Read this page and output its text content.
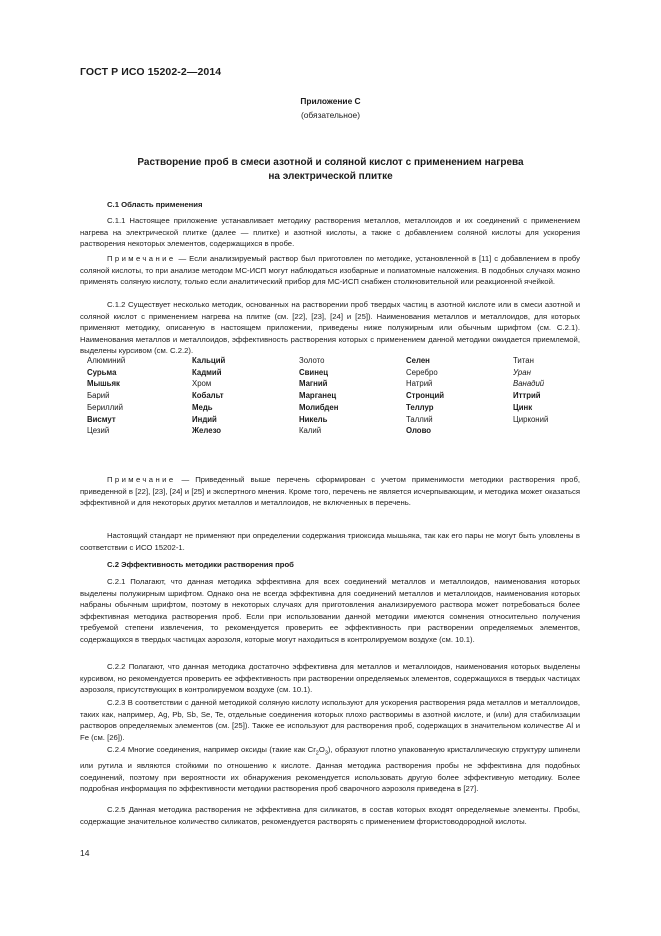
ГОСТ Р ИСО 15202-2—2014
Приложение С
(обязательное)
Растворение проб в смеси азотной и соляной кислот с применением нагрева
на электрической плитке
С.1 Область применения

С.1.1 Настоящее приложение устанавливает методику растворения металлов, металлоидов и их соединений с применением нагрева на электрической плитке (далее — плитке) и азотной кислоты, а также с добавлением соляной кислоты для ускорения растворения некоторых элементов, содержащихся в пробе.

Примечание — Если анализируемый раствор был приготовлен по методике, установленной в [11] с добавлением в пробу соляной кислоты, то при анализе методом МС-ИСП могут наблюдаться изобарные и полиатомные наложения. В подобных случаях можно применять соляную кислоту, только если аналитический прибор для МС-ИСП снабжен столкновительной или реакционной ячейкой.

С.1.2 Существует несколько методик, основанных на растворении проб твердых частиц в азотной кислоте или в смеси азотной и соляной кислот с применением нагрева на плитке (см. [22], [23], [24] и [25]). Наименования металлов и металлоидов, для которых применяют методику, описанную в настоящем приложении, приведены ниже полужирным или обычным шрифтом (см. С.2.1). Наименования металлов и металлоидов, эффективность растворения которых с применением данной методики ожидается приемлемой, выделены курсивом (см. С.2.2).

Алюминий
Сурьма
Мышьяк
Барий
Бериллий
Висмут
Цезий
Кальций
Кадмий
Хром
Кобальт
Медь
Индий
Железо
Золото
Свинец
Магний
Марганец
Молибден
Никель
Калий
Селен
Серебро
Натрий
Стронций
Теллур
Таллий
Олово
Титан
Уран
Ванадий
Иттрий
Цинк
Цирконий

Примечание — Приведенный выше перечень сформирован с учетом применимости методики растворения проб, приведенной в [22], [23], [24] и [25] и экспертного мнения. Кроме того, перечень не является исчерпывающим, и методика может оказаться эффективной и для некоторых других металлов и металлоидов, не включенных в перечень.

Настоящий стандарт не применяют при определении содержания триоксида мышьяка, так как его пары не могут быть уловлены в соответствии с ИСО 15202-1.

С.2 Эффективность методики растворения проб

С.2.1 Полагают, что данная методика эффективна для всех соединений металлов и металлоидов, наименования которых выделены полужирным шрифтом. Однако она не всегда эффективна для соединений металлов и металлоидов, наименования которых набраны обычным шрифтом, поэтому в некоторых случаях для приготовления анализируемого раствора может потребоваться более эффективная методика растворения проб. Если при использовании данной методики имеются сомнения относительно получения требуемой степени извлечения, то рекомендуется проверить ее эффективность при растворении определяемых элементов, содержащихся в твердых частицах аэрозоля, которые могут находиться в контролируемом воздухе (см. 10.1).

С.2.2 Полагают, что данная методика достаточно эффективна для металлов и металлоидов, наименования которых выделены курсивом, но рекомендуется проверить ее эффективность при растворении определяемых элементов, содержащихся в твердых частицах аэрозоля, присутствующих в контролируемом воздухе (см. 10.1).

С.2.3 В соответствии с данной методикой соляную кислоту используют для ускорения растворения ряда металлов и металлоидов, таких как, например, Ag, Pb, Sb, Se, Te, отдельные соединения которых плохо растворимы в азотной кислоте, и (или) для стабилизации растворов определяемых элементов (см. [25]). Также ее используют для растворения проб, содержащих в значительном количестве Al и Fe (см. [26]).

С.2.4 Многие соединения, например оксиды (такие как $Cr_2O_3$), образуют плотно упакованную кристаллическую структуру шпинели или рутила и являются стойкими по отношению к кислоте. Данная методика растворения пробы не эффективна для подобных соединений, поэтому при вероятности их обнаружения рекомендуется использовать другую более эффективную методику. Более подробная информация по эффективности методики растворения проб сварочного аэрозоля приведена в [27].

С.2.5 Данная методика растворения не эффективна для силикатов, в состав которых входят определяемые элементы. Пробы, содержащие значительное количество силикатов, рекомендуется растворять с применением фтористоводородной кислоты.

14
